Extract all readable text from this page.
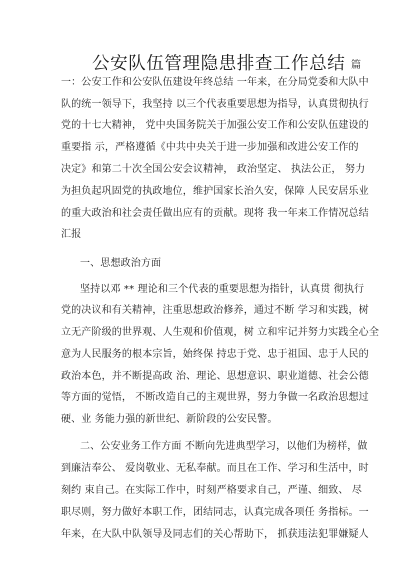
公安队伍管理隐患排查工作总结 篇
一：公安工作和公安队伍建设年终总结 一年来，在分局党委和大队中
队的统一领导下，我坚持 以三个代表重要思想为指导，认真贯彻执行
党的十七大精神， 党中央国务院关于加强公安工作和公安队伍建设的
重要指 示，严格遵循《中共中央关于进一步加强和改进公安工作的
决定》和第二十次全国公安会议精神， 政治坚定、 执法公正， 努力
为担负起巩固党的执政地位，维护国家长治久安，保障 人民安居乐业
的重大政治和社会责任做出应有的贡献。现将 我一年来工作情况总结
汇报
一、思想政治方面
坚持以邓 ** 理论和三个代表的重要思想为指针，认真贯 彻执行
党的决议和有关精神，注重思想政治修养，通过不断 学习和实践，树
立无产阶级的世界观、人生观和价值观，树 立和牢记并努力实践全心全
意为人民服务的根本宗旨，始终保 持忠于党、忠于祖国、忠于人民的
政治本色，并不断提高政 治、理论、思想意识、职业道德、社会公德
等方面的觉悟， 不断改造自己的主观世界，努力争做一名政治思想过
硬、业 务能力强的新世纪、新阶段的公安民警。
二、公安业务工作方面 不断向先进典型学习，以他们为榜样，做
到廉洁奉公、 爱岗敬业、无私奉献。而且在工作、学习和生活中，时
刻约 束自己。在实际工作中，时刻严格要求自己，严谨、细致、 尽
职尽则，努力做好本职工作，团结同志，认真完成各项任 务指标。一
年来，在大队中队领导及同志们的关心帮助下， 抓获违法犯罪嫌疑人
